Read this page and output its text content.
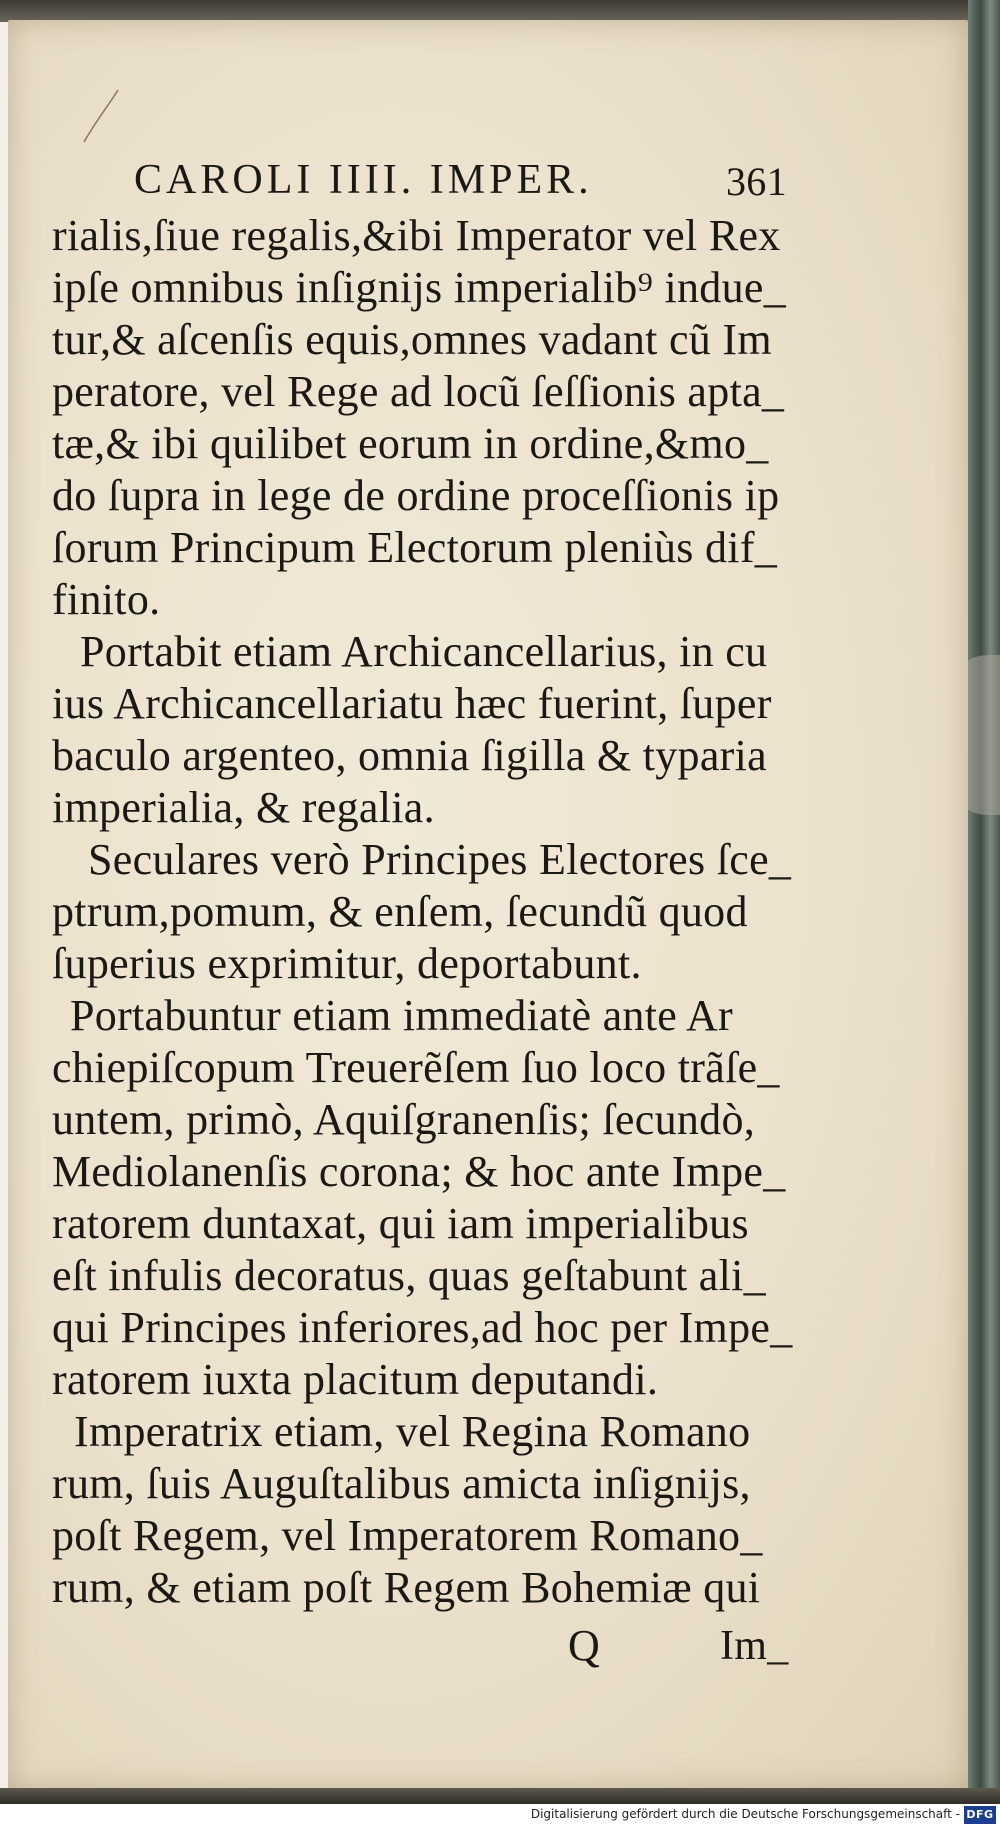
CAROLI IIII. IMPER.	361

rialis,ſiue regalis,&ibi Imperator vel Rex

ipſe omnibus inſignijs imperialib⁹ indue_

tur,& aſcenſis equis,omnes vadant cũ Im

peratore, vel Rege ad locũ ſeſſionis apta_

tæ,& ibi quilibet eorum in ordine,&mo_

do ſupra in lege de ordine proceſſionis ip

ſorum Principum Electorum pleniùs dif_

finito.

Portabit etiam Archicancellarius, in cu

ius Archicancellariatu hæc fuerint, ſuper

baculo argenteo, omnia ſigilla & typaria

imperialia, & regalia.

Seculares verò Principes Electores ſce_

ptrum,pomum, & enſem, ſecundũ quod

ſuperius exprimitur, deportabunt.

Portabuntur etiam immediatè ante Ar

chiepiſcopum Treuerẽſem ſuo loco trãſe_

untem, primò, Aquiſgranenſis; ſecundò,

Mediolanenſis corona; & hoc ante Impe_

ratorem duntaxat, qui iam imperialibus

eſt infulis decoratus, quas geſtabunt ali_

qui Principes inferiores,ad hoc per Impe_

ratorem iuxta placitum deputandi.

Imperatrix etiam, vel Regina Romano

rum, ſuis Auguſtalibus amicta inſignijs,

poſt Regem, vel Imperatorem Romano_

rum, & etiam poſt Regem Bohemiæ qui

Q	Im_

Digitalisierung gefördert durch die Deutsche Forschungsgemeinschaft - DFG
